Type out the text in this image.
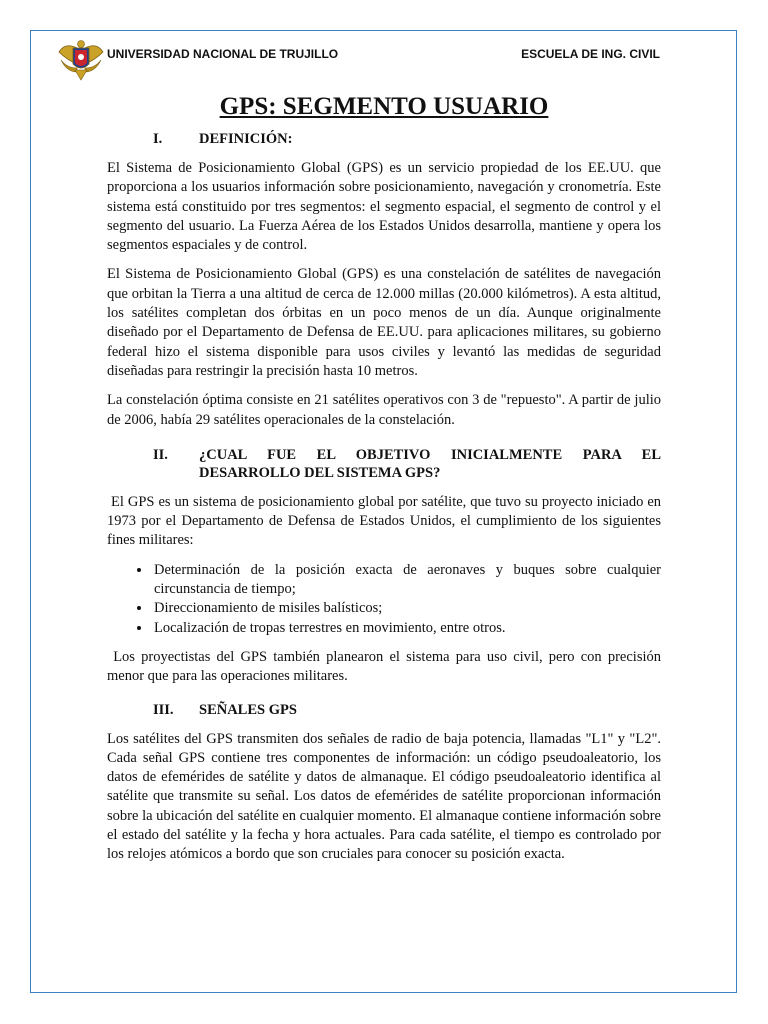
UNIVERSIDAD NACIONAL DE TRUJILLO	ESCUELA DE ING. CIVIL
GPS: SEGMENTO USUARIO
I.	DEFINICIÓN:

El Sistema de Posicionamiento Global (GPS) es un servicio propiedad de los EE.UU. que proporciona a los usuarios información sobre posicionamiento, navegación y cronometría. Este sistema está constituido por tres segmentos: el segmento espacial, el segmento de control y el segmento del usuario. La Fuerza Aérea de los Estados Unidos desarrolla, mantiene y opera los segmentos espaciales y de control.

El Sistema de Posicionamiento Global (GPS) es una constelación de satélites de navegación que orbitan la Tierra a una altitud de cerca de 12.000 millas (20.000 kilómetros). A esta altitud, los satélites completan dos órbitas en un poco menos de un día. Aunque originalmente diseñado por el Departamento de Defensa de EE.UU. para aplicaciones militares, su gobierno federal hizo el sistema disponible para usos civiles y levantó las medidas de seguridad diseñadas para restringir la precisión hasta 10 metros.

La constelación óptima consiste en 21 satélites operativos con 3 de "repuesto". A partir de julio de 2006, había 29 satélites operacionales de la constelación.

II.	¿CUAL FUE EL OBJETIVO INICIALMENTE PARA EL DESARROLLO DEL SISTEMA GPS?

El GPS es un sistema de posicionamiento global por satélite, que tuvo su proyecto iniciado en 1973 por el Departamento de Defensa de Estados Unidos, el cumplimiento de los siguientes fines militares:

• Determinación de la posición exacta de aeronaves y buques sobre cualquier circunstancia de tiempo;
• Direccionamiento de misiles balísticos;
• Localización de tropas terrestres en movimiento, entre otros.

Los proyectistas del GPS también planearon el sistema para uso civil, pero con precisión menor que para las operaciones militares.

III.	SEÑALES GPS

Los satélites del GPS transmiten dos señales de radio de baja potencia, llamadas "L1" y "L2". Cada señal GPS contiene tres componentes de información: un código pseudoaleatorio, los datos de efemérides de satélite y datos de almanaque. El código pseudoaleatorio identifica al satélite que transmite su señal. Los datos de efemérides de satélite proporcionan información sobre la ubicación del satélite en cualquier momento. El almanaque contiene información sobre el estado del satélite y la fecha y hora actuales. Para cada satélite, el tiempo es controlado por los relojes atómicos a bordo que son cruciales para conocer su posición exacta.
